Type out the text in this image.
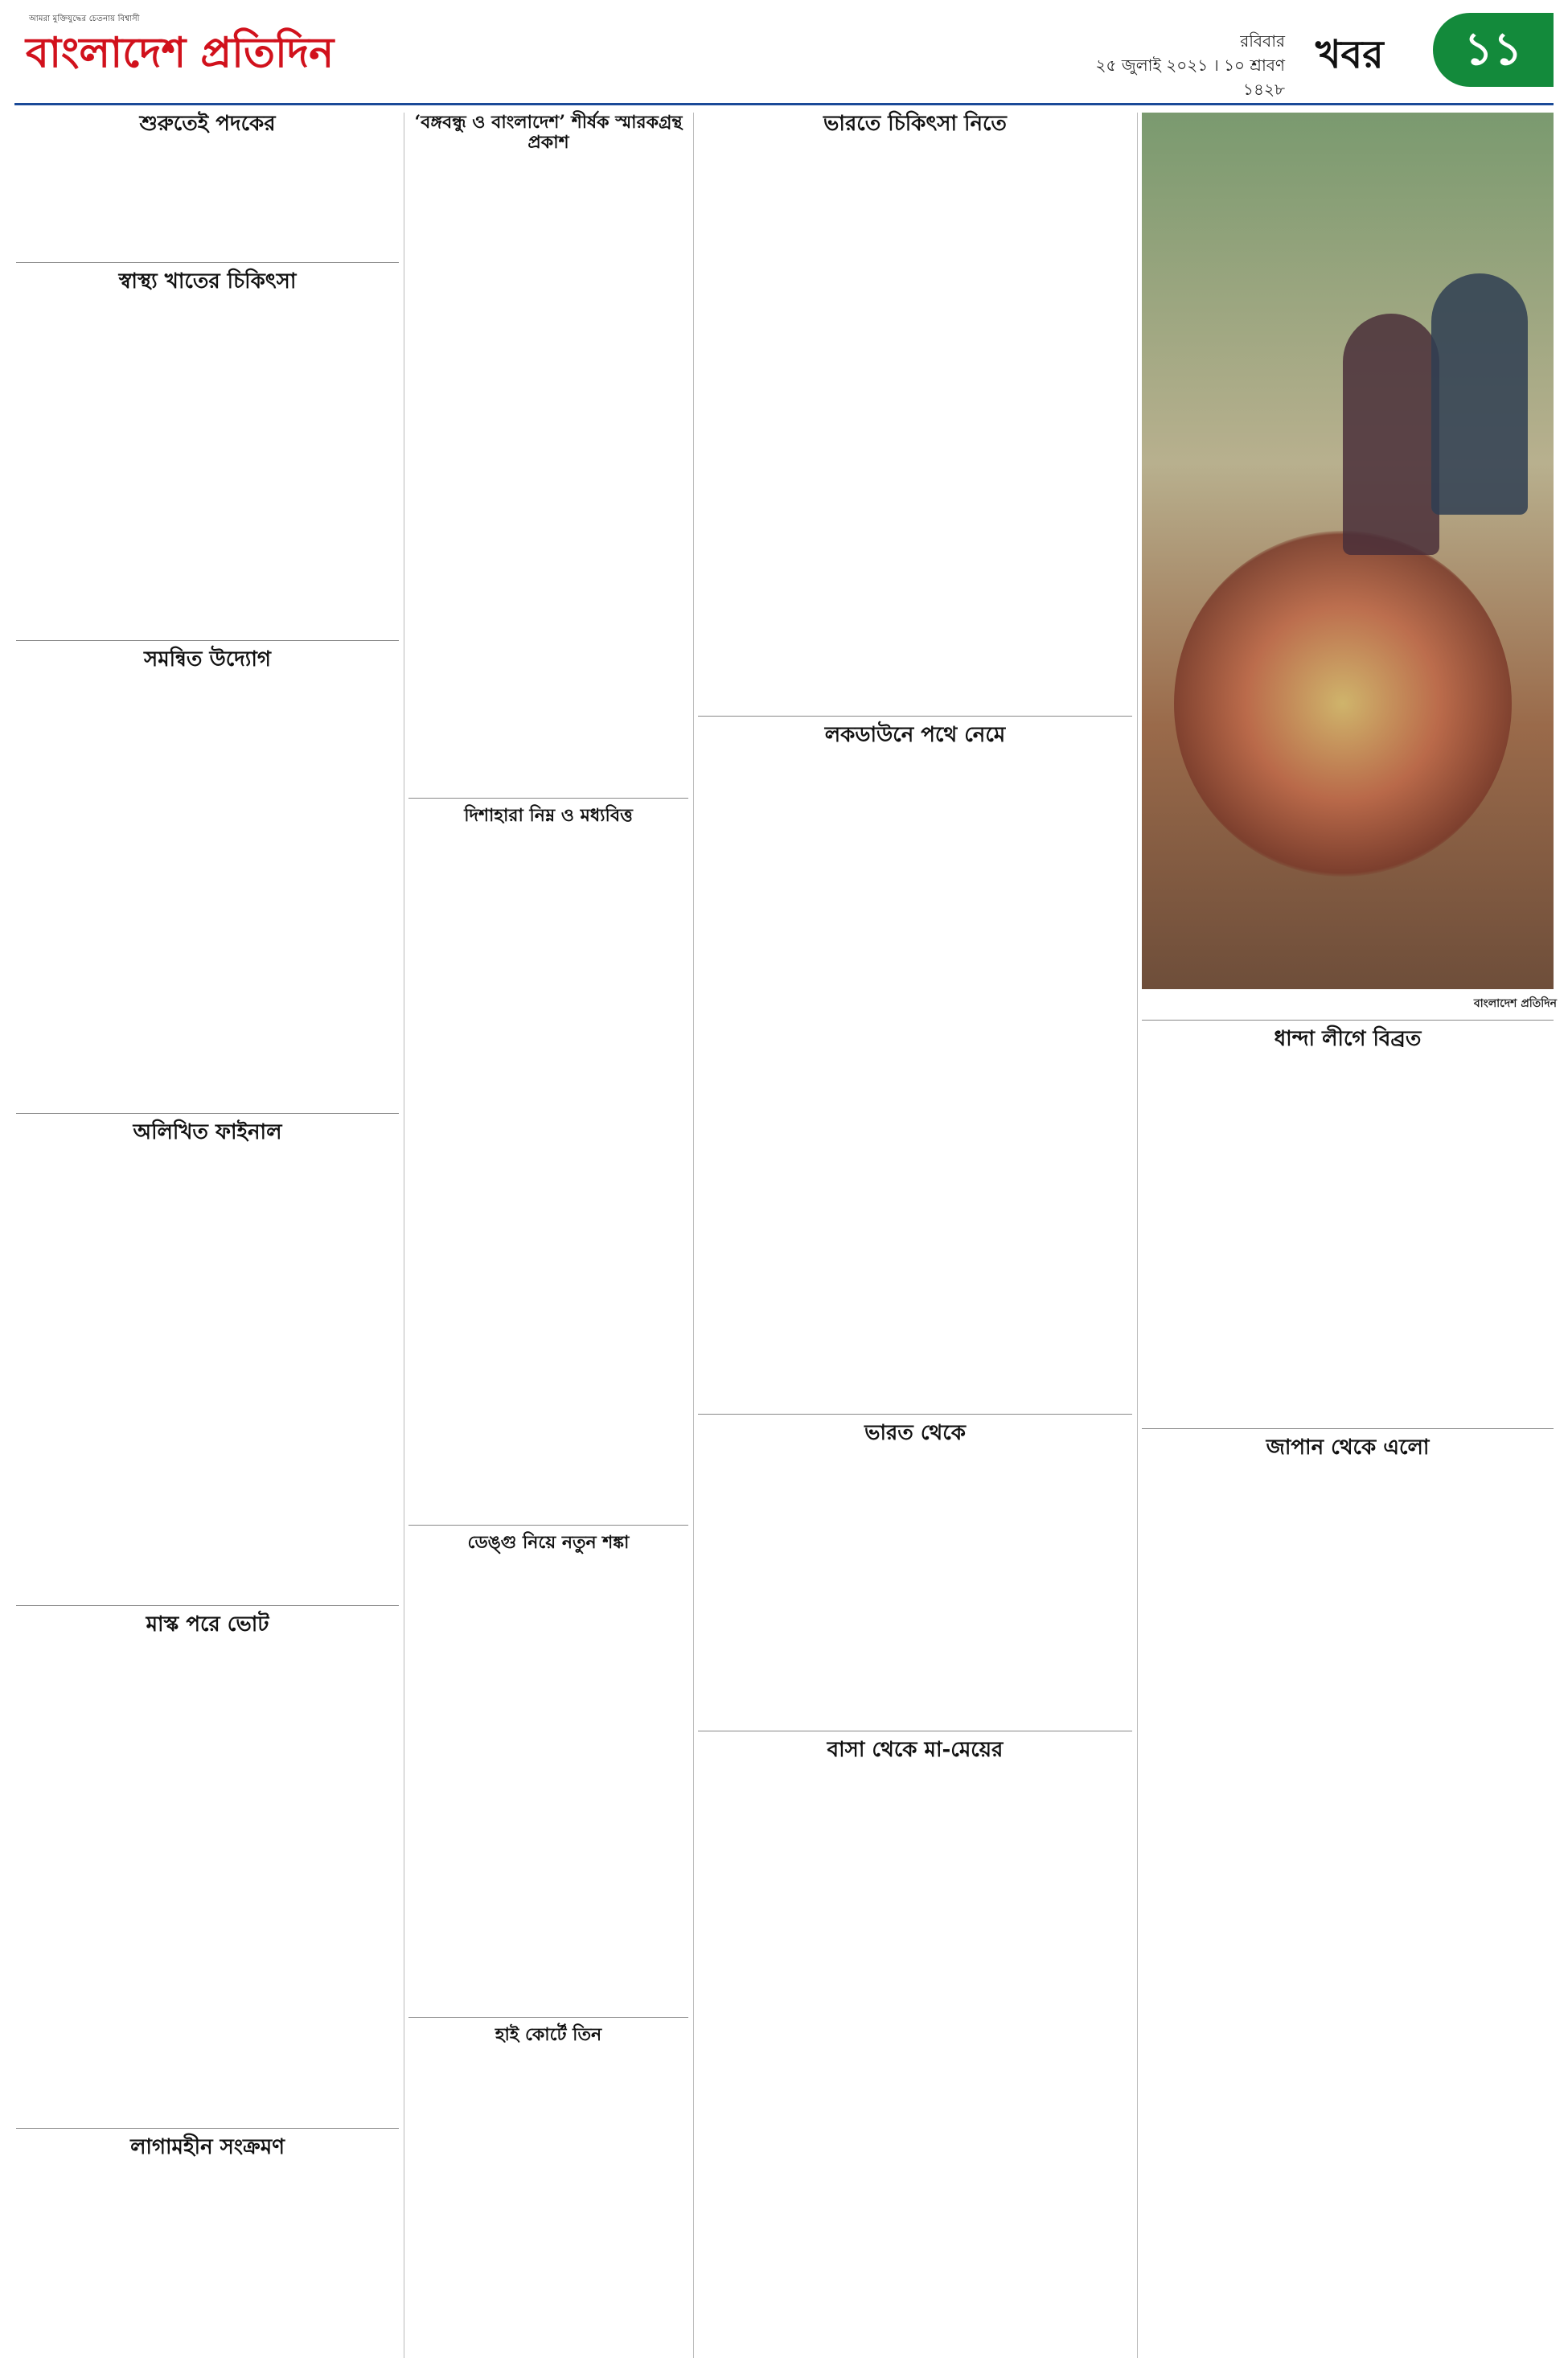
আমরা মুক্তিযুদ্ধের চেতনায় বিশ্বাসী
বাংলাদেশ প্রতিদিন	রবিবার
২৫ জুলাই ২০২১ । ১০ শ্রাবণ ১৪২৮
খবর	১১
শুরুতেই পদকের
স্বাস্থ্য খাতের চিকিৎসা
সমন্বিত উদ্যোগ
অলিখিত ফাইনাল
মাস্ক পরে ভোট
লাগামহীন সংক্রমণ
‘বঙ্গবন্ধু ও বাংলাদেশ’ শীর্ষক স্মারকগ্রন্থ প্রকাশ
দিশাহারা নিম্ন ও মধ্যবিত্ত
ডেঙ্গু নিয়ে নতুন শঙ্কা
হাই কোর্টে তিন
ভারতে চিকিৎসা নিতে
লকডাউনে পথে নেমে
ভারত থেকে
বাসা থেকে মা-মেয়ের
বাংলাদেশ প্রতিদিন
ধান্দা লীগে বিব্রত
জাপান থেকে এলো
